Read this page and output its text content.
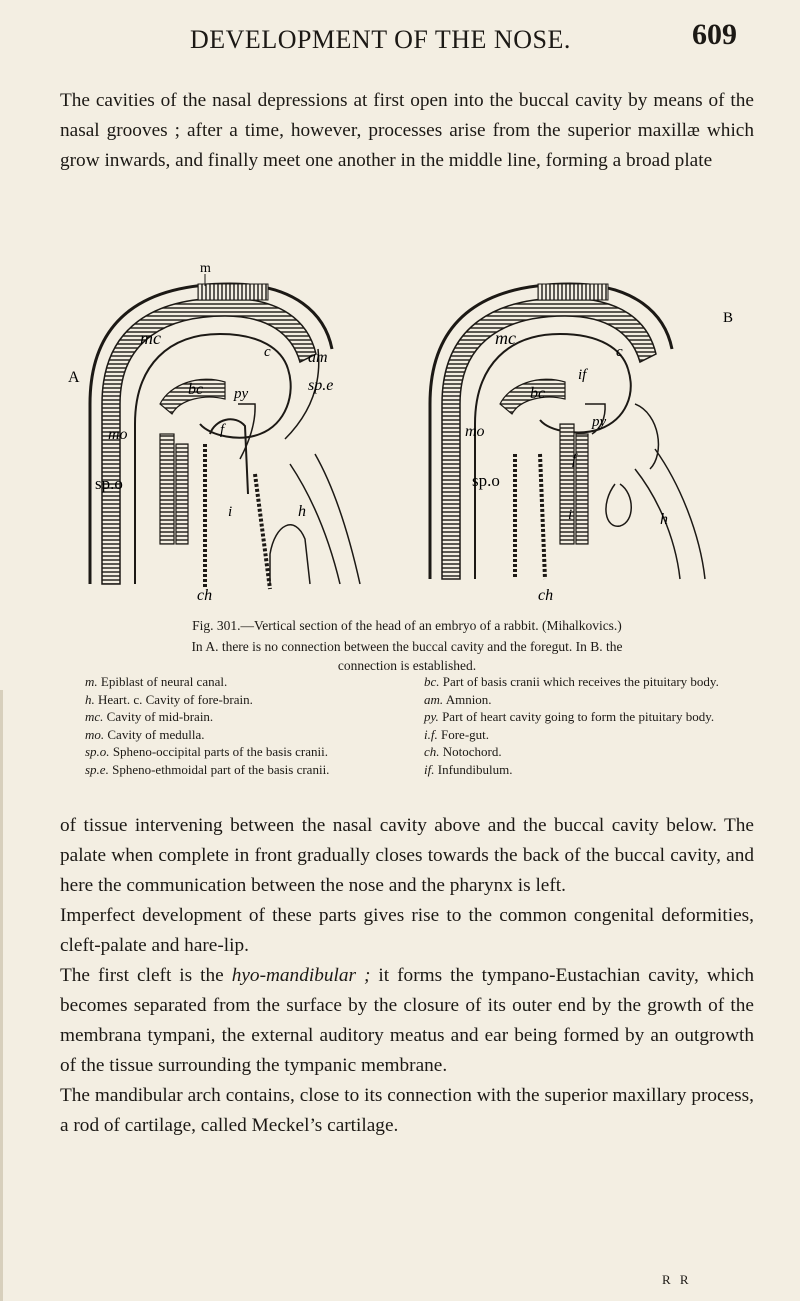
DEVELOPMENT OF THE NOSE.	609

The cavities of the nasal depressions at first open into the buccal cavity by means of the nasal grooves ; after a time, however, processes arise from the superior maxillæ which grow inwards, and finally meet one another in the middle line, forming a broad plate

A
m
mc
c am
sp.e
bc py
mo	f
sp.o
i	h
ch
B
mc
c
if
bc
py
mo
f
sp.o
i	h
ch

Fig. 301.—Vertical section of the head of an embryo of a rabbit. (Mihalkovics.)

In A. there is no connection between the buccal cavity and the foregut. In B. the

connection is established.

m. Epiblast of neural canal.

h. Heart. c. Cavity of fore-brain.

mc. Cavity of mid-brain.

mo. Cavity of medulla.

sp.o. Spheno-occipital parts of the basis cranii.

sp.e. Spheno-ethmoidal part of the basis cranii.

bc. Part of basis cranii which receives the pituitary body.

am. Amnion.

py. Part of heart cavity going to form the pituitary body.

i.f. Fore-gut.

ch. Notochord.

if. Infundibulum.

of tissue intervening between the nasal cavity above and the buccal cavity below. The palate when complete in front gradually closes towards the back of the buccal cavity, and here the communication between the nose and the pharynx is left.
Imperfect development of these parts gives rise to the common congenital deformities, cleft-palate and hare-lip.
The first cleft is the hyo-mandibular ; it forms the tympano-Eustachian cavity, which becomes separated from the surface by the closure of its outer end by the growth of the membrana tympani, the external auditory meatus and ear being formed by an outgrowth of the tissue surrounding the tympanic membrane.
The mandibular arch contains, close to its connection with the superior maxillary process, a rod of cartilage, called Meckel’s cartilage.
R R
